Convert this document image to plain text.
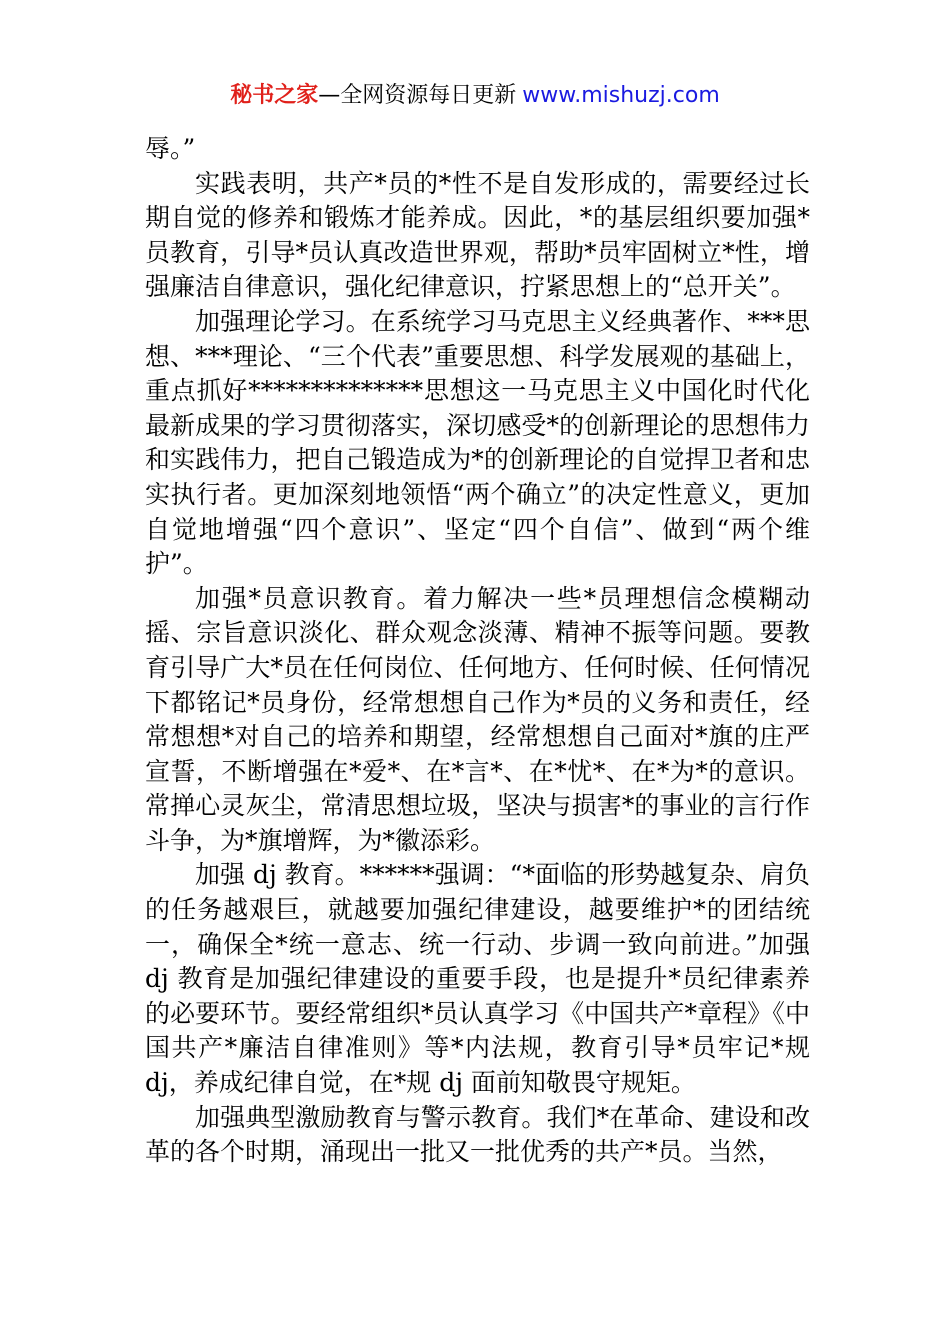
秘书之家—全网资源每日更新 www.mishuzj.com

辱。”

实践表明，共产*员的*性不是自发形成的，需要经过长期自觉的修养和锻炼才能养成。因此，*的基层组织要加强*员教育，引导*员认真改造世界观，帮助*员牢固树立*性，增强廉洁自律意识，强化纪律意识，拧紧思想上的“总开关”。

加强理论学习。在系统学习马克思主义经典著作、***思想、***理论、“三个代表”重要思想、科学发展观的基础上，重点抓好**************思想这一马克思主义中国化时代化最新成果的学习贯彻落实，深切感受*的创新理论的思想伟力和实践伟力，把自己锻造成为*的创新理论的自觉捍卫者和忠实执行者。更加深刻地领悟“两个确立”的决定性意义，更加自觉地增强“四个意识”、坚定“四个自信”、做到“两个维护”。

加强*员意识教育。着力解决一些*员理想信念模糊动摇、宗旨意识淡化、群众观念淡薄、精神不振等问题。要教育引导广大*员在任何岗位、任何地方、任何时候、任何情况下都铭记*员身份，经常想想自己作为*员的义务和责任，经常想想*对自己的培养和期望，经常想想自己面对*旗的庄严宣誓，不断增强在*爱*、在*言*、在*忧*、在*为*的意识。常掸心灵灰尘，常清思想垃圾，坚决与损害*的事业的言行作斗争，为*旗增辉，为*徽添彩。

加强 dj 教育。******强调：“*面临的形势越复杂、肩负的任务越艰巨，就越要加强纪律建设，越要维护*的团结统一，确保全*统一意志、统一行动、步调一致向前进。”加强 dj 教育是加强纪律建设的重要手段，也是提升*员纪律素养的必要环节。要经常组织*员认真学习《中国共产*章程》《中国共产*廉洁自律准则》等*内法规，教育引导*员牢记*规 dj，养成纪律自觉，在*规 dj 面前知敬畏守规矩。

加强典型激励教育与警示教育。我们*在革命、建设和改革的各个时期，涌现出一批又一批优秀的共产*员。当然，
